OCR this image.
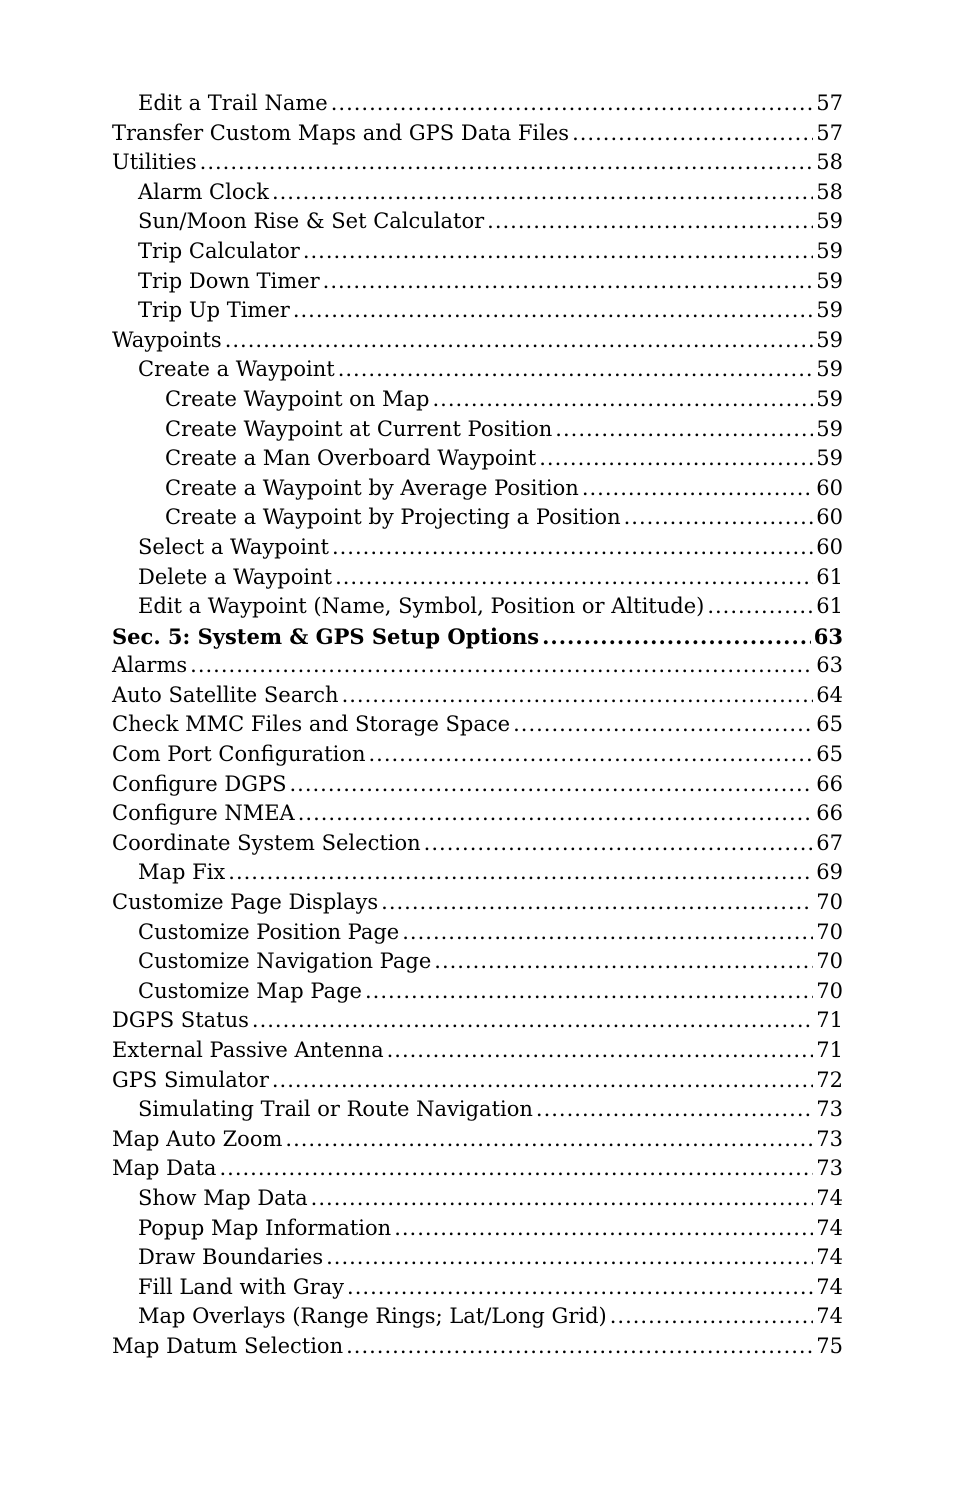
Edit a Trail Name .....	57
Transfer Custom Maps and GPS Data Files .....	57
Utilities .....	58
Alarm Clock .....	58
Sun/Moon Rise & Set Calculator .....	59
Trip Calculator .....	59
Trip Down Timer .....	59
Trip Up Timer .....	59
Waypoints .....	59
Create a Waypoint .....	59
Create Waypoint on Map .....	59
Create Waypoint at Current Position .....	59
Create a Man Overboard Waypoint .....	59
Create a Waypoint by Average Position .....	60
Create a Waypoint by Projecting a Position .....	60
Select a Waypoint .....	60
Delete a Waypoint .....	61
Edit a Waypoint (Name, Symbol, Position or Altitude) .....	61
Sec. 5: System & GPS Setup Options .....	63
Alarms .....	63
Auto Satellite Search .....	64
Check MMC Files and Storage Space .....	65
Com Port Configuration .....	65
Configure DGPS .....	66
Configure NMEA .....	66
Coordinate System Selection .....	67
Map Fix .....	69
Customize Page Displays .....	70
Customize Position Page .....	70
Customize Navigation Page .....	70
Customize Map Page .....	70
DGPS Status .....	71
External Passive Antenna .....	71
GPS Simulator .....	72
Simulating Trail or Route Navigation .....	73
Map Auto Zoom .....	73
Map Data .....	73
Show Map Data .....	74
Popup Map Information .....	74
Draw Boundaries .....	74
Fill Land with Gray .....	74
Map Overlays (Range Rings; Lat/Long Grid) .....	74
Map Datum Selection .....	75
